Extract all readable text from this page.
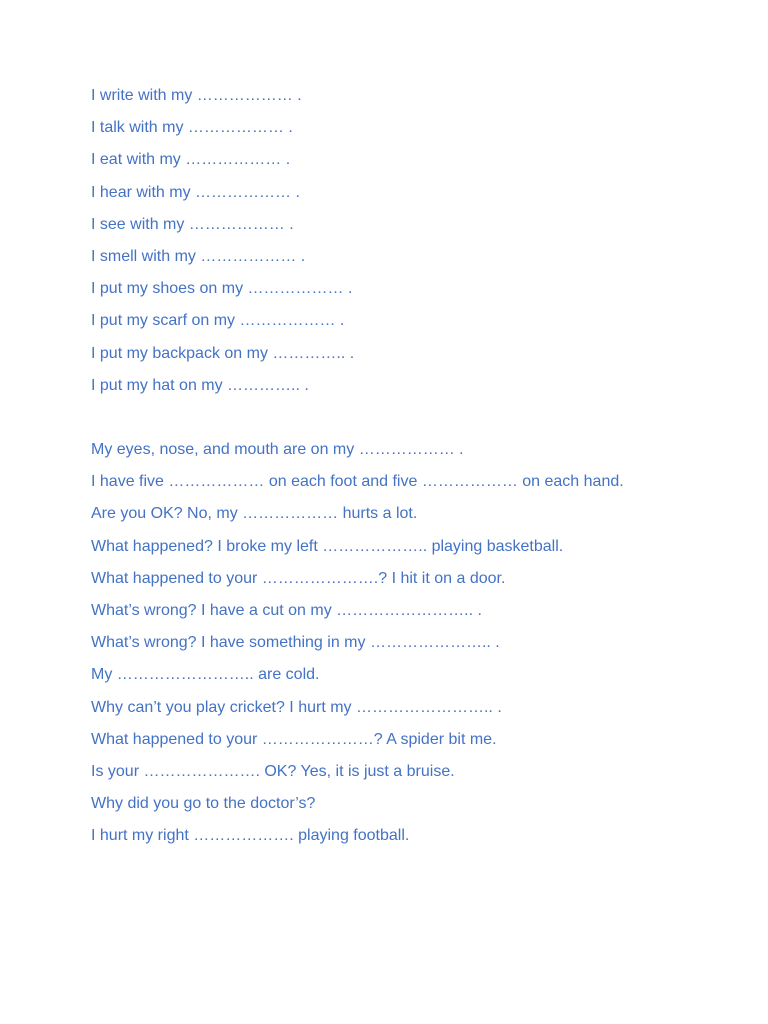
I write with my ……………… .
I talk with my ……………… .
I eat with my ……………… .
I hear with my ……………… .
I see with my ……………… .
I smell with my ……………… .
I put my shoes on my ……………… .
I put my scarf on my ……………… .
I put my backpack on my ………….. .
I put my hat on my ………….. .
My eyes, nose, and mouth are on my ……………… .
I have five ……………… on each foot and five ……………… on each hand.
Are you OK? No, my ……………… hurts a lot.
What happened? I broke my left ……………….. playing basketball.
What happened to your ………………….? I hit it on a door.
What’s wrong? I have a cut on my …………………….. .
What’s wrong? I have something in my ………………….. .
My …………………….. are cold.
Why can’t you play cricket? I hurt my …………………….. .
What happened to your …………………? A spider bit me.
Is your …………………. OK? Yes, it is just a bruise.
Why did you go to the doctor’s?
I hurt my right ………………. playing football.
